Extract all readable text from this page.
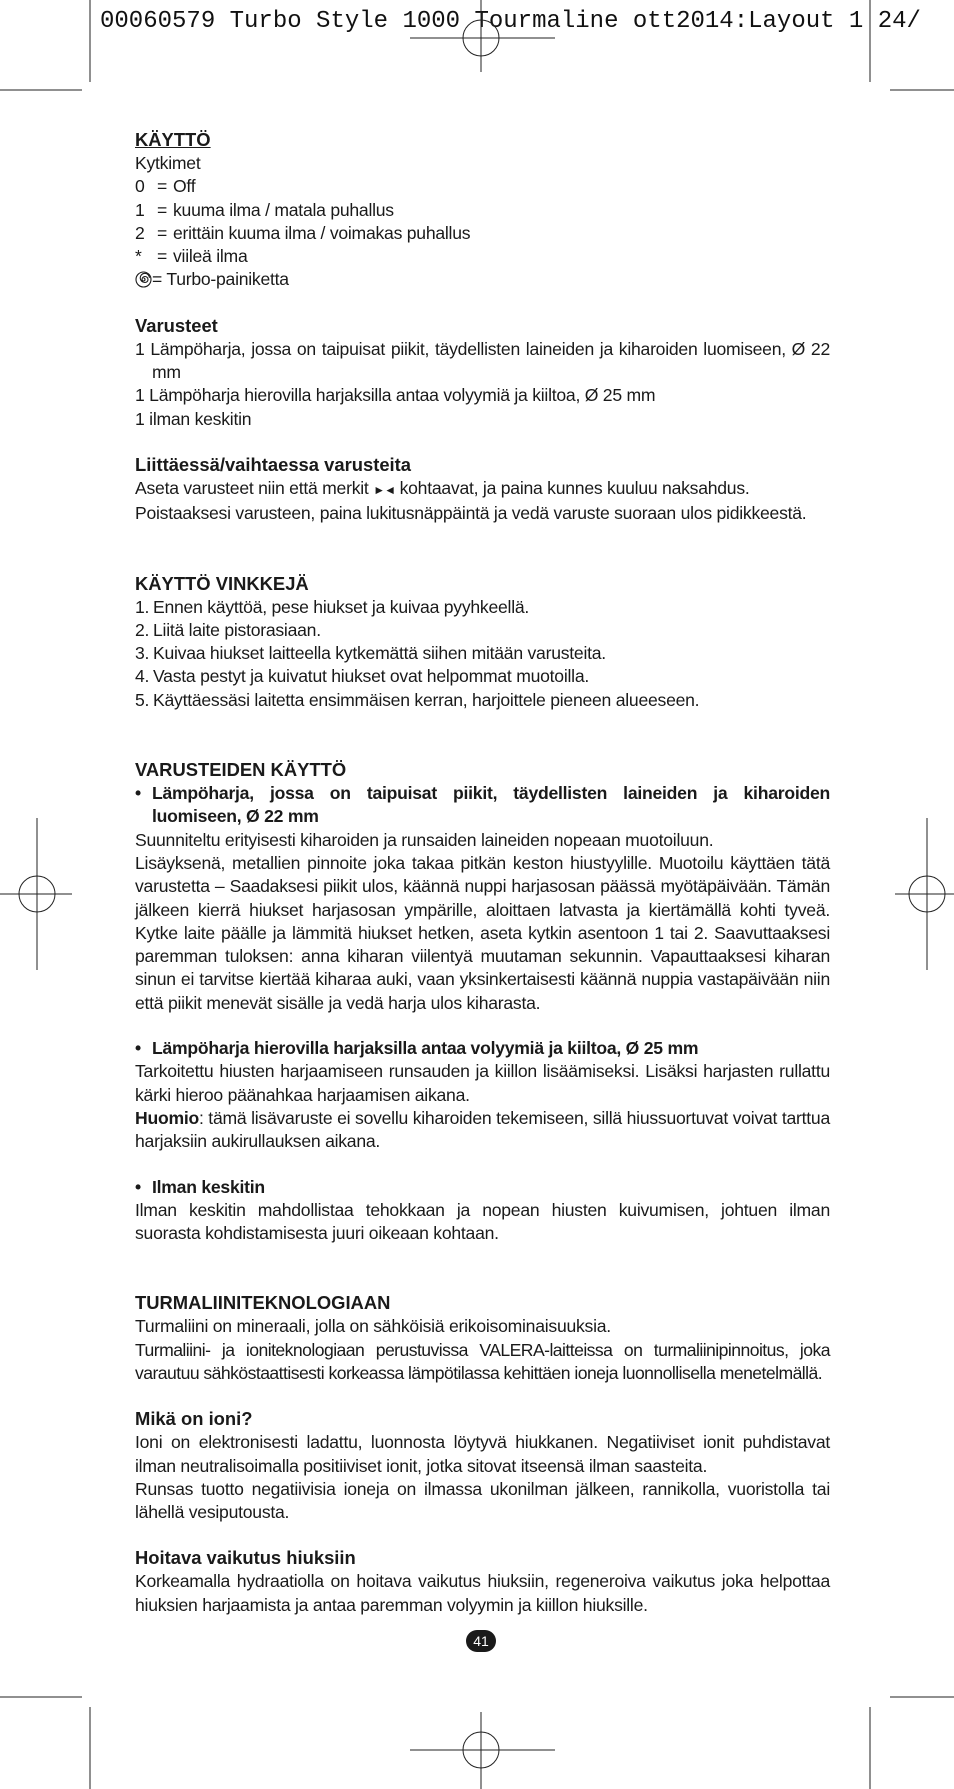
00060579 Turbo Style 1000 Tourmaline ott2014:Layout 1 24/
KÄYTTÖ

Kytkimet

0 = Off
1 = kuuma ilma / matala puhallus
2 = erittäin kuuma ilma / voimakas puhallus
* = viileä ilma
= Turbo-painiketta
Varusteet

1 Lämpöharja, jossa on taipuisat piikit, täydellisten laineiden ja kiharoiden luomiseen, Ø 22 mm

1 Lämpöharja hierovilla harjaksilla antaa volyymiä ja kiiltoa, Ø 25 mm

1 ilman keskitin

Liittäessä/vaihtaessa varusteita

Aseta varusteet niin että merkit ►◄ kohtaavat, ja paina kunnes kuuluu naksahdus.

Poistaaksesi varusteen, paina lukitusnäppäintä ja vedä varuste suoraan ulos pidikkeestä.

KÄYTTÖ VINKKEJÄ
1. Ennen käyttöä, pese hiukset ja kuivaa pyyhkeellä.
2. Liitä laite pistorasiaan.
3. Kuivaa hiukset laitteella kytkemättä siihen mitään varusteita.
4. Vasta pestyt ja kuivatut hiukset ovat helpommat muotoilla.
5. Käyttäessäsi laitetta ensimmäisen kerran, harjoittele pieneen alueeseen.
VARUSTEIDEN KÄYTTÖ
• Lämpöharja, jossa on taipuisat piikit, täydellisten laineiden ja kiharoiden luomiseen, Ø 22 mm

Suunniteltu erityisesti kiharoiden ja runsaiden laineiden nopeaan muotoiluun.

Lisäyksenä, metallien pinnoite joka takaa pitkän keston hiustyylille. Muotoilu käyttäen tätä varustetta – Saadaksesi piikit ulos, käännä nuppi harjasosan päässä myötäpäivään. Tämän jälkeen kierrä hiukset harjasosan ympärille, aloittaen latvasta ja kiertämällä kohti tyveä. Kytke laite päälle ja lämmitä hiukset hetken, aseta kytkin asentoon 1 tai 2. Saavuttaaksesi paremman tuloksen: anna kiharan viilentyä muutaman sekunnin. Vapauttaaksesi kiharan sinun ei tarvitse kiertää kiharaa auki, vaan yksinkertaisesti käännä nuppia vastapäivään niin että piikit menevät sisälle ja vedä harja ulos kiharasta.

• Lämpöharja hierovilla harjaksilla antaa volyymiä ja kiiltoa, Ø 25 mm

Tarkoitettu hiusten harjaamiseen runsauden ja kiillon lisäämiseksi. Lisäksi harjasten rullattu kärki hieroo päänahkaa harjaamisen aikana.

Huomio: tämä lisävaruste ei sovellu kiharoiden tekemiseen, sillä hiussuortuvat voivat tarttua harjaksiin aukirullauksen aikana.

• Ilman keskitin

Ilman keskitin mahdollistaa tehokkaan ja nopean hiusten kuivumisen, johtuen ilman suorasta kohdistamisesta juuri oikeaan kohtaan.

TURMALIINITEKNOLOGIAAN

Turmaliini on mineraali, jolla on sähköisiä erikoisominaisuuksia.

Turmaliini- ja ioniteknologiaan perustuvissa VALERA-laitteissa on turmaliinipinnoitus, joka varautuu sähköstaattisesti korkeassa lämpötilassa kehittäen ioneja luonnollisella menetelmällä.

Mikä on ioni?

Ioni on elektronisesti ladattu, luonnosta löytyvä hiukkanen. Negatiiviset ionit puhdistavat ilman neutralisoimalla positiiviset ionit, jotka sitovat itseensä ilman saasteita.

Runsas tuotto negatiivisia ioneja on ilmassa ukonilman jälkeen, rannikolla, vuoristolla tai lähellä vesiputousta.

Hoitava vaikutus hiuksiin

Korkeamalla hydraatiolla on hoitava vaikutus hiuksiin, regeneroiva vaikutus joka helpottaa hiuksien harjaamista ja antaa paremman volyymin ja kiillon hiuksille.

41
